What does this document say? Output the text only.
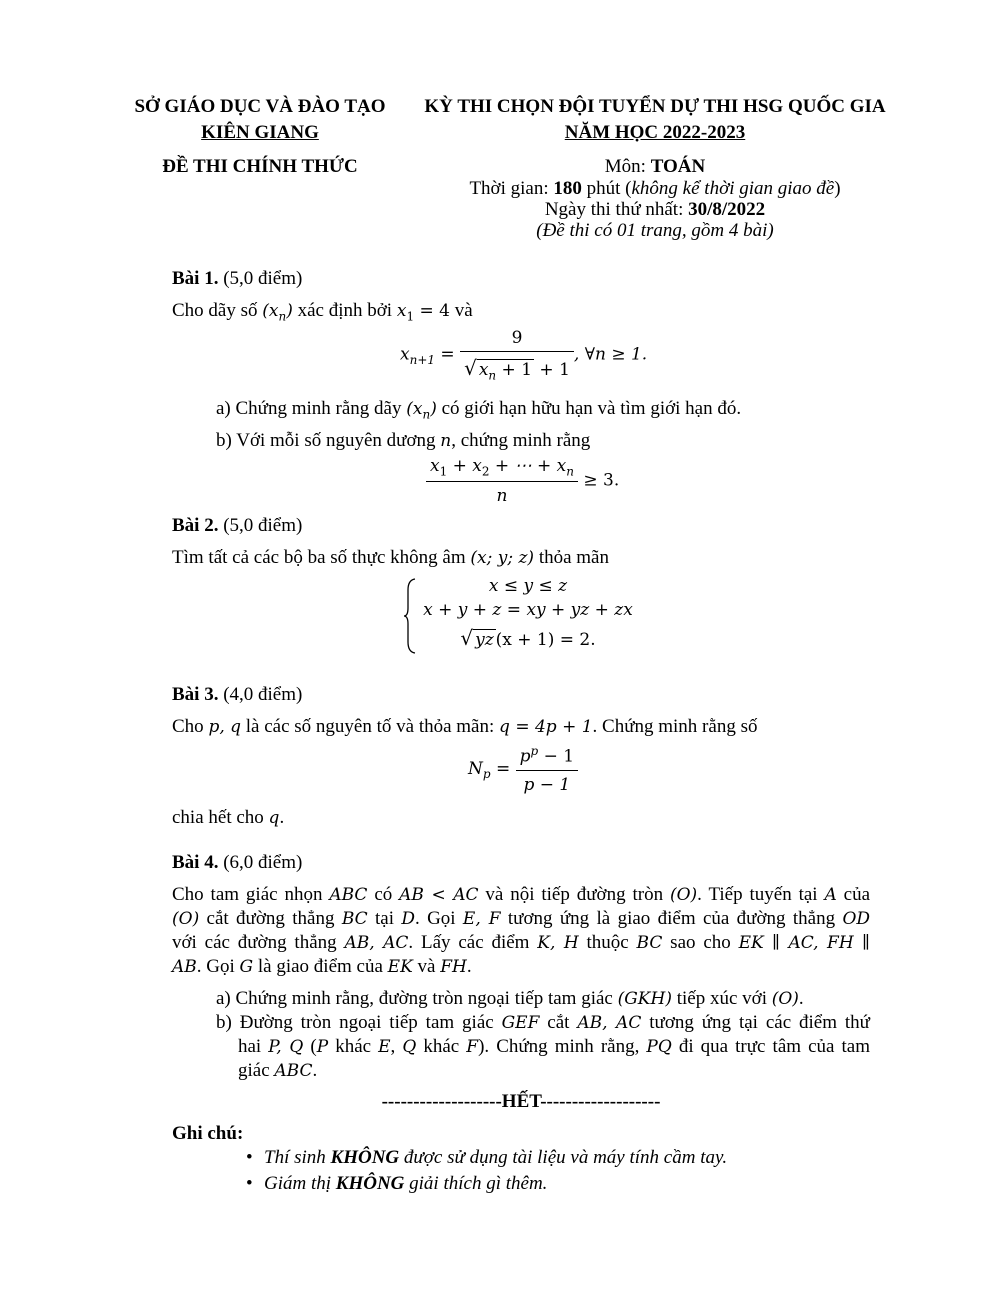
SỞ GIÁO DỤC VÀ ĐÀO TẠO
KIÊN GIANG
ĐỀ THI CHÍNH THỨC
KỲ THI CHỌN ĐỘI TUYỂN DỰ THI HSG QUỐC GIA
NĂM HỌC 2022-2023
Môn: TOÁN
Thời gian: 180 phút (không kể thời gian giao đề)
Ngày thi thứ nhất: 30/8/2022
(Đề thi có 01 trang, gồm 4 bài)
Bài 1. (5,0 điểm)
Cho dãy số $(x_n)$ xác định bởi $x_1 = 4$ và
$x_{n+1} = \frac{9}{√ x_n + 1 + 1}$ , ∀n ≥ 1.
a) Chứng minh rằng dãy $(x_n)$ có giới hạn hữu hạn và tìm giới hạn đó.
b) Với mỗi số nguyên dương n, chứng minh rằng
$\frac{x_1 + x_2 + \cdots + x_n}{n} \ge 3$.
Bài 2. (5,0 điểm)
Tìm tất cả các bộ ba số thực không âm (x; y; z) thỏa mãn
x ≤ y ≤ z
x + y + z = xy + yz + zx
√ yz (x + 1) = 2.
Bài 3. (4,0 điểm)
Cho p, q là các số nguyên tố và thỏa mãn: q = 4p + 1. Chứng minh rằng số
$N_p = \frac{p^p - 1}{p - 1}$
chia hết cho q.
Bài 4. (6,0 điểm)
Cho tam giác nhọn ABC có AB < AC và nội tiếp đường tròn (O). Tiếp tuyến tại A của
(O) cắt đường thẳng BC tại D. Gọi E, F tương ứng là giao điểm của đường thẳng OD
với các đường thẳng AB, AC. Lấy các điểm K, H thuộc BC sao cho EK ∥ AC, FH ∥
AB. Gọi G là giao điểm của EK và FH.
a) Chứng minh rằng, đường tròn ngoại tiếp tam giác (GKH) tiếp xúc với (O).
b) Đường tròn ngoại tiếp tam giác GEF cắt AB, AC tương ứng tại các điểm thứ
hai P, Q (P khác E, Q khác F). Chứng minh rằng, PQ đi qua trực tâm của tam
giác ABC.
-------------------HẾT-------------------
Ghi chú:
• Thí sinh KHÔNG được sử dụng tài liệu và máy tính cầm tay.
• Giám thị KHÔNG giải thích gì thêm.
